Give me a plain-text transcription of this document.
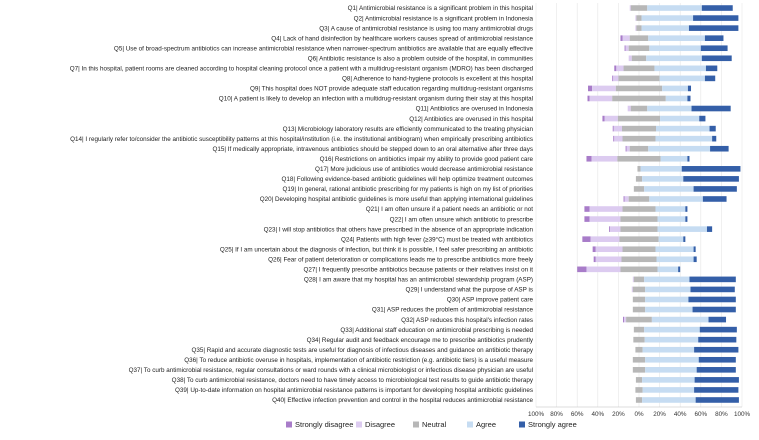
Q1| Antimicrobial resistance is a significant problem in this hospital
Q2| Antimicrobial resistance is a significant problem in Indonesia
Q3| A cause of antimicrobial resistance is using too many antimicrobial drugs
Q4| Lack of hand disinfection by healthcare workers causes spread of antimicrobial resistance
Q5| Use of broad-spectrum antibiotics can increase antimicrobial resistance when narrower-spectrum antibiotics are available that are equally effective
Q6| Antibiotic resistance is also a problem outside of the hospital, in communities
Q7| In this hospital, patient rooms are cleaned according to hospital cleaning protocol once a patient with a multidrug-resistant organism (MDRO) has been discharged
Q8| Adherence to hand-hygiene protocols is excellent at this hospital
Q9| This hospital does NOT provide adequate staff education regarding multidrug-resistant organisms
Q10| A patient is likely to develop an infection with a multidrug-resistant organism during their stay at this hospital
Q11| Antibiotics are overused in Indonesia
Q12| Antibiotics are overused in this hospital
Q13| Microbiology laboratory results are efficiently communicated to the treating physician
Q14| I regularly refer to/consider the antibiotic susceptibility patterns at this hospital/institution (i.e. the institutional antibiogram) when empirically prescribing antibiotics
Q15| If medically appropriate, intravenous antibiotics should be stepped down to an oral alternative after three days
Q16| Restrictions on antibiotics impair my ability to provide good patient care
Q17| More judicious use of antibiotics would decrease antimicrobial resistance
Q18| Following evidence-based antibiotic guidelines will help optimize treatment outcomes
Q19| In general, rational antibiotic prescribing for my patients is high on my list of priorities
Q20| Developing hospital antibiotic guidelines is more useful than applying international guidelines
Q21| I am often unsure if a patient needs an antibiotic or not
Q22| I am often unsure which antibiotic to prescribe
Q23| I will stop antibiotics that others have prescribed in the absence of an appropriate indication
Q24| Patients with high fever (≥39°C) must be treated with antibiotics
Q25| If I am uncertain about the diagnosis of infection, but think it is possible, I feel safer prescribing an antibiotic
Q26| Fear of patient deterioration or complications leads me to prescribe antibiotics more freely
Q27| I frequently prescribe antibiotics because patients or their relatives insist on it
Q28| I am aware that my hospital has an antimicrobial stewardship program (ASP)
Q29| I understand what the purpose of ASP is
Q30| ASP improve patient care
Q31| ASP reduces the problem of antimicrobial resistance
Q32| ASP reduces this hospital's infection rates
Q33| Additional staff education on antimicrobial prescribing is needed
Q34| Regular audit and feedback encourage me to prescribe antibiotics prudently
Q35| Rapid and accurate diagnostic tests are useful for diagnosis of infectious diseases and guidance on antibiotic therapy
Q36| To reduce antibiotic overuse in hospitals, implementation of antibiotic restriction (e.g. antibiotic tiers) is a useful measure
Q37| To curb antimicrobial resistance, regular consultations or ward rounds with a clinical microbiologist or infectious disease physician are useful
Q38| To curb antimicrobial resistance, doctors need to have timely access to microbiological test results to guide antibiotic therapy
Q39| Up-to-date information on hospital antimicrobial resistance patterns is important for developing hospital antibiotic guidelines
Q40| Effective infection prevention and control in the hospital reduces antimicrobial resistance
100% 80% 60% 40% 20% 0% 20% 40% 60% 80% 100%
Strongly disagree Disagree	Neutral	Agree	Strongly agree
